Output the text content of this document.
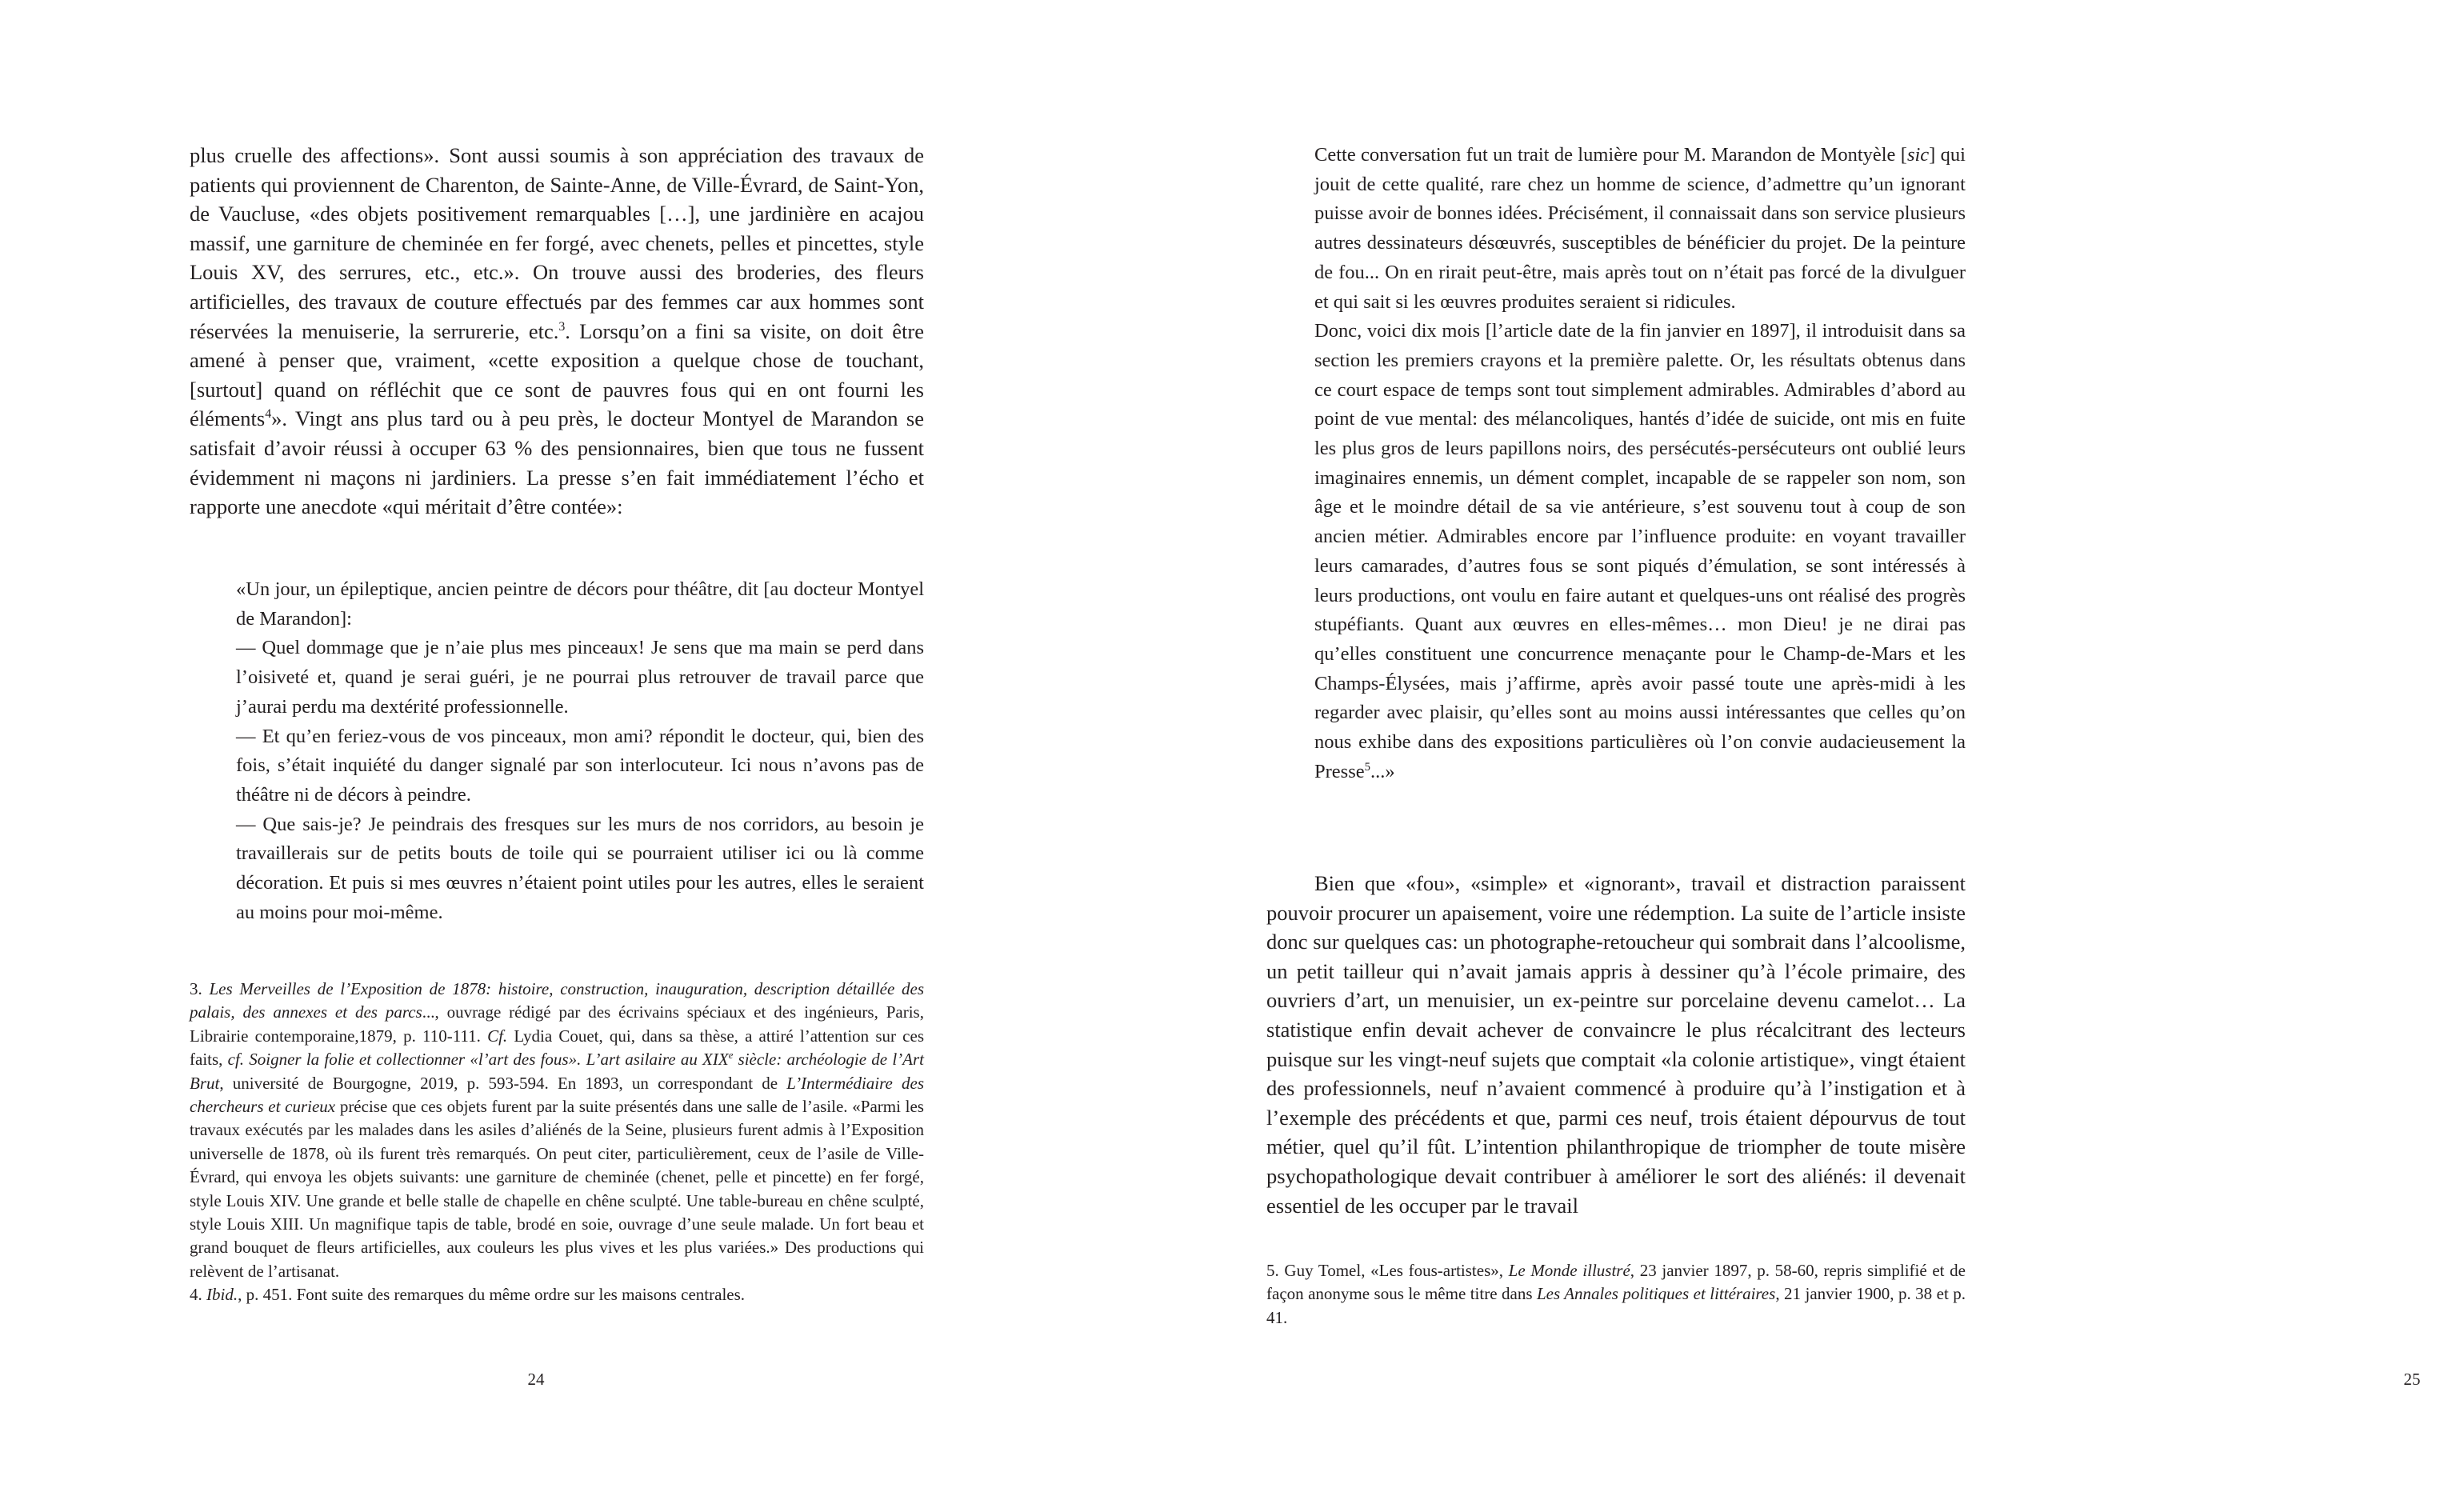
plus cruelle des affections». Sont aussi soumis à son appréciation des travaux de patients qui proviennent de Charenton, de Sainte-Anne, de Ville-Évrard, de Saint-Yon, de Vaucluse, «des objets positivement remarquables […], une jardinière en acajou massif, une garniture de cheminée en fer forgé, avec chenets, pelles et pincettes, style Louis XV, des serrures, etc., etc.». On trouve aussi des broderies, des fleurs artificielles, des travaux de couture effectués par des femmes car aux hommes sont réservées la menuiserie, la serrurerie, etc.$^3$. Lorsqu’on a fini sa visite, on doit être amené à penser que, vraiment, «cette exposition a quelque chose de touchant, [surtout] quand on réfléchit que ce sont de pauvres fous qui en ont fourni les éléments$^4$». Vingt ans plus tard ou à peu près, le docteur Montyel de Marandon se satisfait d’avoir réussi à occuper 63 % des pensionnaires, bien que tous ne fussent évidemment ni maçons ni jardiniers. La presse s’en fait immédiatement l’écho et rapporte une anecdote «qui méritait d’être contée»:

«Un jour, un épileptique, ancien peintre de décors pour théâtre, dit [au docteur Montyel de Marandon]:

— Quel dommage que je n’aie plus mes pinceaux! Je sens que ma main se perd dans l’oisiveté et, quand je serai guéri, je ne pourrai plus retrouver de travail parce que j’aurai perdu ma dextérité professionnelle.

— Et qu’en feriez-vous de vos pinceaux, mon ami? répondit le docteur, qui, bien des fois, s’était inquiété du danger signalé par son interlocuteur. Ici nous n’avons pas de théâtre ni de décors à peindre.

— Que sais-je? Je peindrais des fresques sur les murs de nos corridors, au besoin je travaillerais sur de petits bouts de toile qui se pourraient utiliser ici ou là comme décoration. Et puis si mes œuvres n’étaient point utiles pour les autres, elles le seraient au moins pour moi-même.

3. Les Merveilles de l’Exposition de 1878: histoire, construction, inauguration, description détaillée des palais, des annexes et des parcs..., ouvrage rédigé par des écrivains spéciaux et des ingénieurs, Paris, Librairie contemporaine,1879, p. 110-111. Cf. Lydia Couet, qui, dans sa thèse, a attiré l’attention sur ces faits, cf. Soigner la folie et collectionner «l’art des fous». L’art asilaire au XIXe siècle: archéologie de l’Art Brut, université de Bourgogne, 2019, p. 593-594. En 1893, un correspondant de L’Intermédiaire des chercheurs et curieux précise que ces objets furent par la suite présentés dans une salle de l’asile. «Parmi les travaux exécutés par les malades dans les asiles d’aliénés de la Seine, plusieurs furent admis à l’Exposition universelle de 1878, où ils furent très remarqués. On peut citer, particulièrement, ceux de l’asile de Ville-Évrard, qui envoya les objets suivants: une garniture de cheminée (chenet, pelle et pincette) en fer forgé, style Louis XIV. Une grande et belle stalle de chapelle en chêne sculpté. Une table-bureau en chêne sculpté, style Louis XIII. Un magnifique tapis de table, brodé en soie, ouvrage d’une seule malade. Un fort beau et grand bouquet de fleurs artificielles, aux couleurs les plus vives et les plus variées.» Des productions qui relèvent de l’artisanat.

4. Ibid., p. 451. Font suite des remarques du même ordre sur les maisons centrales.

24

Cette conversation fut un trait de lumière pour M. Marandon de Montyèle [sic] qui jouit de cette qualité, rare chez un homme de science, d’admettre qu’un ignorant puisse avoir de bonnes idées. Précisément, il connaissait dans son service plusieurs autres dessinateurs désœuvrés, susceptibles de bénéficier du projet. De la peinture de fou... On en rirait peut-être, mais après tout on n’était pas forcé de la divulguer et qui sait si les œuvres produites seraient si ridicules.

Donc, voici dix mois [l’article date de la fin janvier en 1897], il introduisit dans sa section les premiers crayons et la première palette. Or, les résultats obtenus dans ce court espace de temps sont tout simplement admirables. Admirables d’abord au point de vue mental: des mélancoliques, hantés d’idée de suicide, ont mis en fuite les plus gros de leurs papillons noirs, des persécutés-persécuteurs ont oublié leurs imaginaires ennemis, un dément complet, incapable de se rappeler son nom, son âge et le moindre détail de sa vie antérieure, s’est souvenu tout à coup de son ancien métier. Admirables encore par l’influence produite: en voyant travailler leurs camarades, d’autres fous se sont piqués d’émulation, se sont intéressés à leurs productions, ont voulu en faire autant et quelques-uns ont réalisé des progrès stupéfiants. Quant aux œuvres en elles-mêmes… mon Dieu! je ne dirai pas qu’elles constituent une concurrence menaçante pour le Champ-de-Mars et les Champs-Élysées, mais j’affirme, après avoir passé toute une après-midi à les regarder avec plaisir, qu’elles sont au moins aussi intéressantes que celles qu’on nous exhibe dans des expositions particulières où l’on convie audacieusement la Presse$^5$...»

Bien que «fou», «simple» et «ignorant», travail et distraction paraissent pouvoir procurer un apaisement, voire une rédemption. La suite de l’article insiste donc sur quelques cas: un photographe-retoucheur qui sombrait dans l’alcoolisme, un petit tailleur qui n’avait jamais appris à dessiner qu’à l’école primaire, des ouvriers d’art, un menuisier, un ex-peintre sur porcelaine devenu camelot… La statistique enfin devait achever de convaincre le plus récalcitrant des lecteurs puisque sur les vingt-neuf sujets que comptait «la colonie artistique», vingt étaient des professionnels, neuf n’avaient commencé à produire qu’à l’instigation et à l’exemple des précédents et que, parmi ces neuf, trois étaient dépourvus de tout métier, quel qu’il fût. L’intention philanthropique de triompher de toute misère psychopathologique devait contribuer à améliorer le sort des aliénés: il devenait essentiel de les occuper par le travail

5. Guy Tomel, «Les fous-artistes», Le Monde illustré, 23 janvier 1897, p. 58-60, repris simplifié et de façon anonyme sous le même titre dans Les Annales politiques et littéraires, 21 janvier 1900, p. 38 et p. 41.

25
